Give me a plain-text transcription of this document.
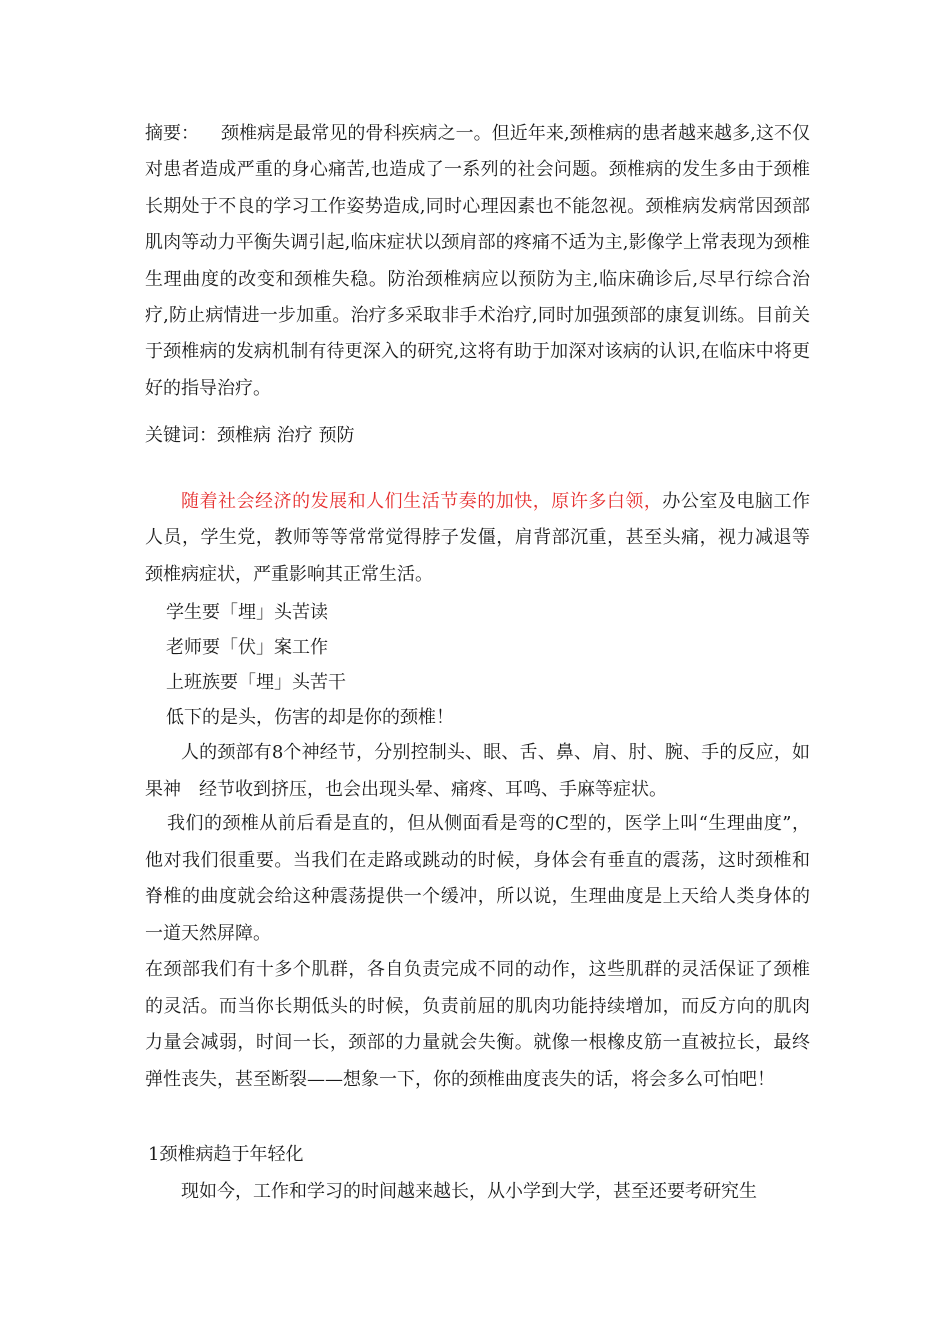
摘要： 颈椎病是最常见的骨科疾病之一。但近年来,颈椎病的患者越来越多,这不仅对患者造成严重的身心痛苦,也造成了一系列的社会问题。颈椎病的发生多由于颈椎长期处于不良的学习工作姿势造成,同时心理因素也不能忽视。颈椎病发病常因颈部肌肉等动力平衡失调引起,临床症状以颈肩部的疼痛不适为主,影像学上常表现为颈椎生理曲度的改变和颈椎失稳。防治颈椎病应以预防为主,临床确诊后,尽早行综合治疗,防止病情进一步加重。治疗多采取非手术治疗,同时加强颈部的康复训练。目前关于颈椎病的发病机制有待更深入的研究,这将有助于加深对该病的认识,在临床中将更好的指导治疗。
关键词：颈椎病 治疗 预防
随着社会经济的发展和人们生活节奏的加快，原许多白领，办公室及电脑工作人员，学生党，教师等等常常觉得脖子发僵，肩背部沉重，甚至头痛，视力减退等颈椎病症状，严重影响其正常生活。
学生要「埋」头苦读
老师要「伏」案工作
上班族要「埋」头苦干
低下的是头，伤害的却是你的颈椎！
人的颈部有8个神经节，分别控制头、眼、舌、鼻、肩、肘、腕、手的反应，如果神　经节收到挤压，也会出现头晕、痛疼、耳鸣、手麻等症状。
我们的颈椎从前后看是直的，但从侧面看是弯的C型的，医学上叫“生理曲度”，他对我们很重要。当我们在走路或跳动的时候，身体会有垂直的震荡，这时颈椎和脊椎的曲度就会给这种震荡提供一个缓冲，所以说，生理曲度是上天给人类身体的一道天然屏障。
在颈部我们有十多个肌群，各自负责完成不同的动作，这些肌群的灵活保证了颈椎的灵活。而当你长期低头的时候，负责前屈的肌肉功能持续增加，而反方向的肌肉力量会减弱，时间一长，颈部的力量就会失衡。就像一根橡皮筋一直被拉长，最终弹性丧失，甚至断裂——想象一下，你的颈椎曲度丧失的话，将会多么可怕吧！
1颈椎病趋于年轻化
现如今，工作和学习的时间越来越长，从小学到大学，甚至还要考研究生
